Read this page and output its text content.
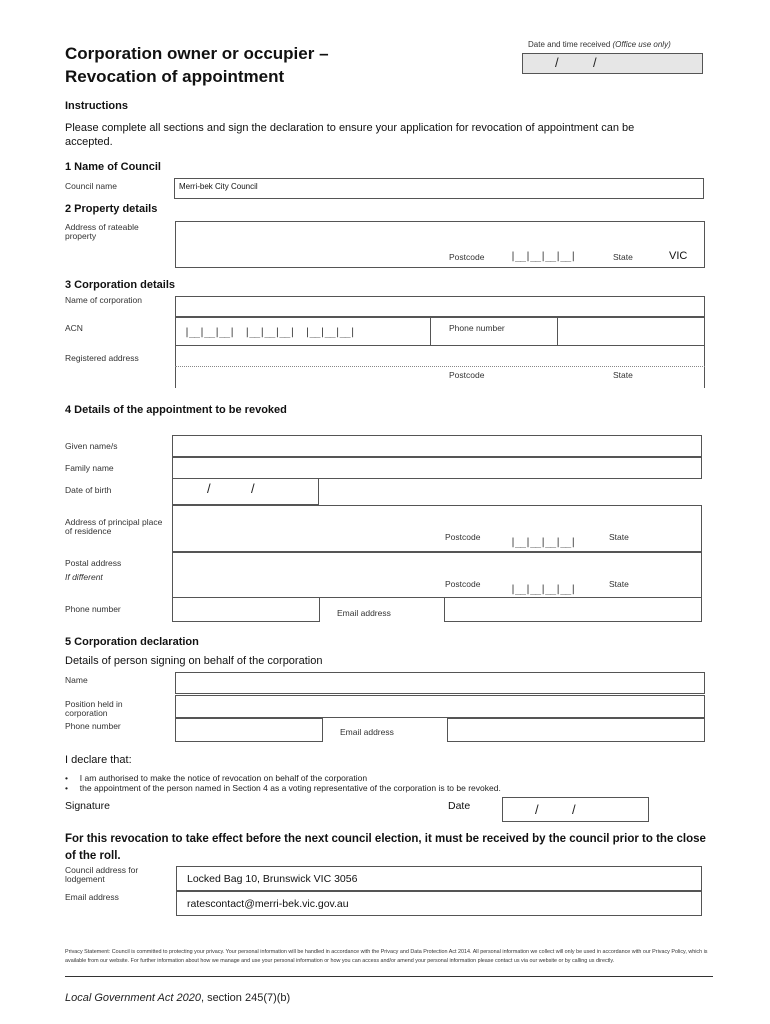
Corporation owner or occupier –
Revocation of appointment
Date and time received (Office use only)
/	/
Instructions
Please complete all sections and sign the declaration to ensure your application for revocation of appointment can be accepted.
1 Name of Council
Council name	Merri-bek City Council
2 Property details
Address of rateable property
Postcode	|__|__|__|__|	State	VIC
3 Corporation details
Name of corporation
ACN	|__|__|__|  |__|__|__|  |__|__|__|	Phone number
Registered address
Postcode	State
4 Details of the appointment to be revoked
Given name/s
Family name
Date of birth	/	/
Address of principal place of residence
Postcode	|__|__|__|__|	State
Postal address
If different
Postcode	|__|__|__|__|	State
Phone number	Email address
5 Corporation declaration
Details of person signing on behalf of the corporation
Name
Position held in corporation
Phone number
Email address
I declare that:
•     I am authorised to make the notice of revocation on behalf of the corporation
•     the appointment of the person named in Section 4 as a voting representative of the corporation is to be revoked.
Signature	Date	/	/
For this revocation to take effect before the next council election, it must be received by the council prior to the close of the roll.
Council address for lodgement	Locked Bag 10, Brunswick VIC 3056
Email address
ratescontact@merri-bek.vic.gov.au
Privacy Statement: Council is committed to protecting your privacy. Your personal information will be handled in accordance with the Privacy and Data Protection Act 2014. All personal information we collect will only be used in accordance with our Privacy Policy, which is available from our website. For further information about how we manage and use your personal information or how you can access and/or amend your personal information please contact us via our website or by calling us directly.
Local Government Act 2020, section 245(7)(b)
